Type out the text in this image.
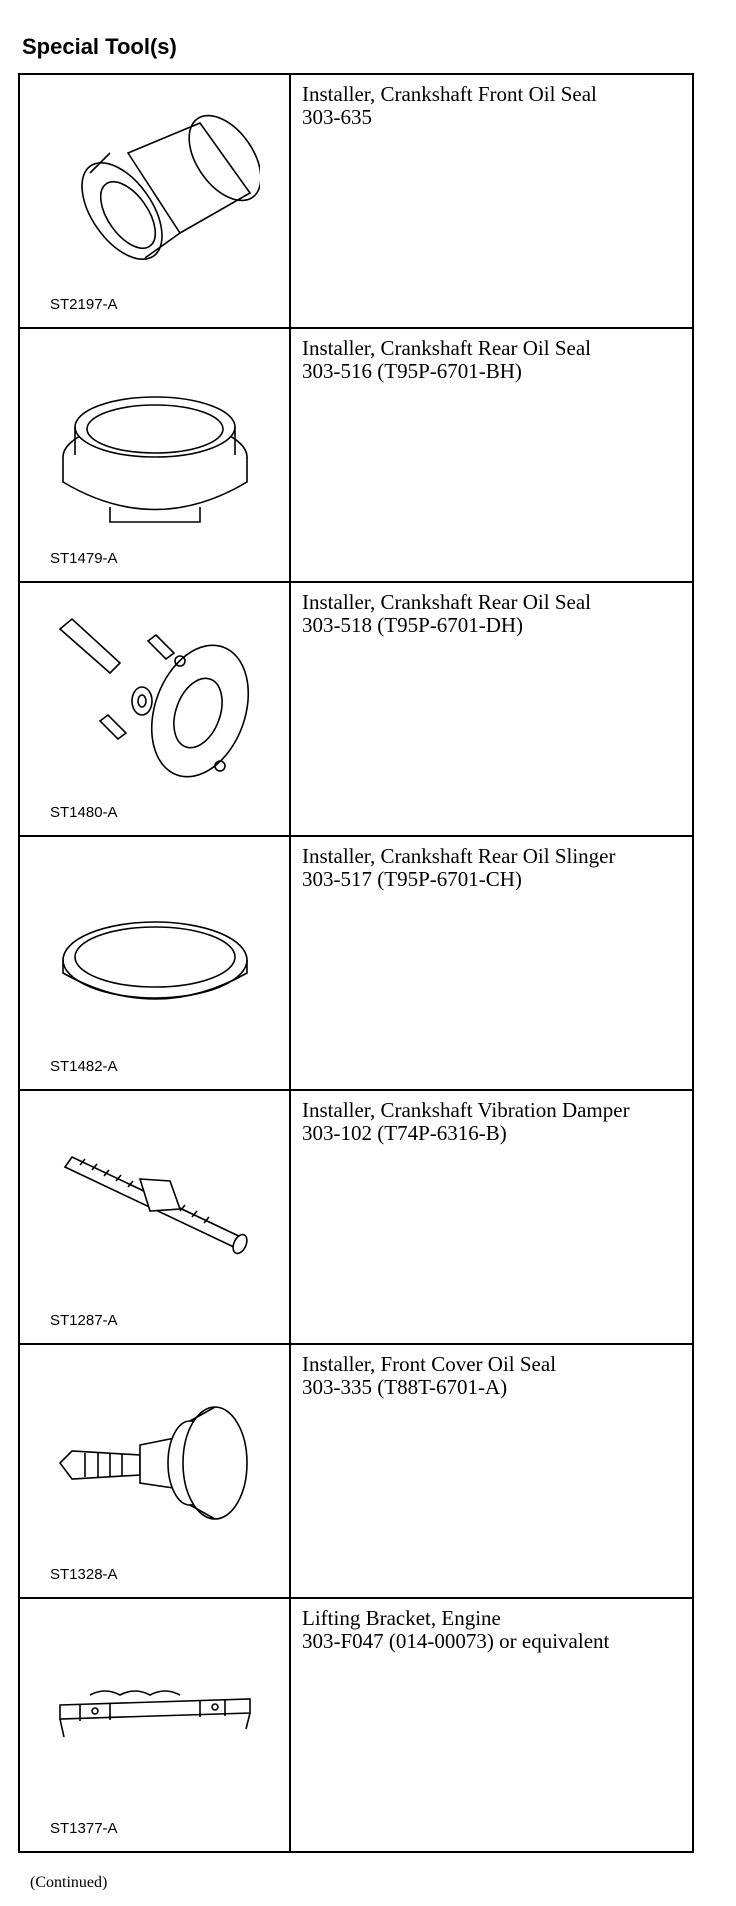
Special Tool(s)
ST2197-A	Installer, Crankshaft Front Oil Seal
303-635

ST1479-A	Installer, Crankshaft Rear Oil Seal
303-516 (T95P-6701-BH)

ST1480-A	Installer, Crankshaft Rear Oil Seal
303-518 (T95P-6701-DH)

ST1482-A	Installer, Crankshaft Rear Oil Slinger
303-517 (T95P-6701-CH)

ST1287-A	Installer, Crankshaft Vibration Damper
303-102 (T74P-6316-B)

ST1328-A	Installer, Front Cover Oil Seal
303-335 (T88T-6701-A)

ST1377-A	Lifting Bracket, Engine
303-F047 (014-00073) or equivalent
(Continued)
